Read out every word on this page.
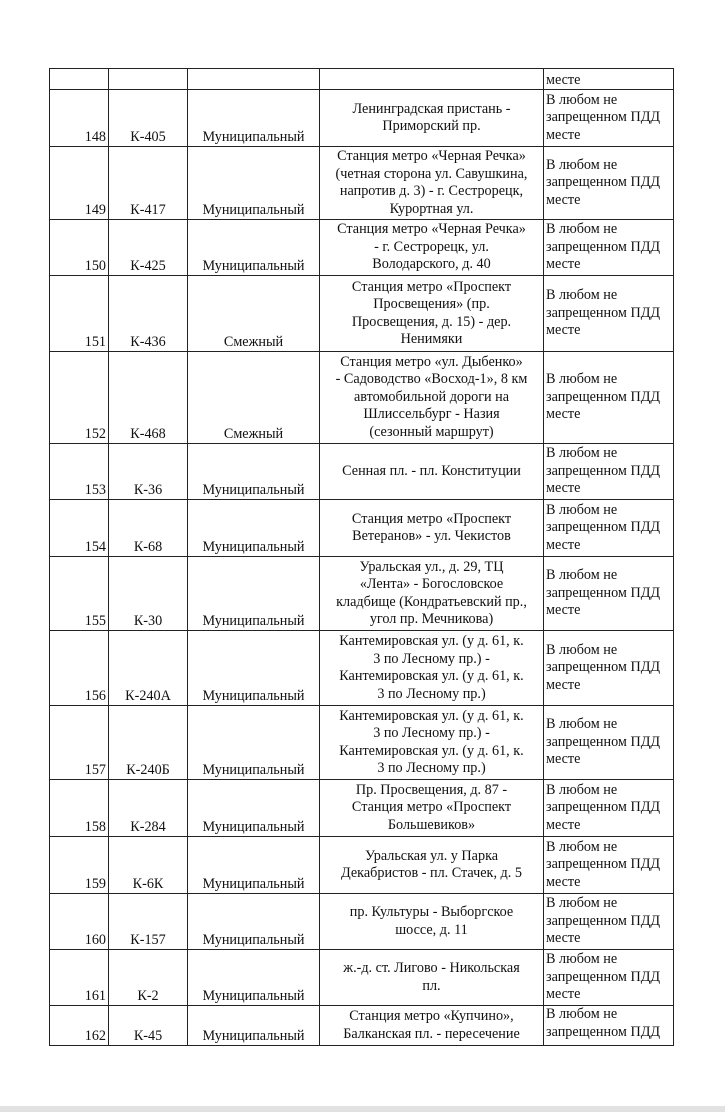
				месте

148	К-405	Муниципальный	Ленинградская пристань -
Приморский пр.	В любом не
запрещенном ПДД
месте

149	К-417	Муниципальный	Станция метро «Черная Речка»
(четная сторона ул. Савушкина,
напротив д. 3) - г. Сестрорецк,
Курортная ул.	В любом не
запрещенном ПДД
месте

150	К-425	Муниципальный	Станция метро «Черная Речка»
- г. Сестрорецк, ул.
Володарского, д. 40	В любом не
запрещенном ПДД
месте

151	К-436	Смежный	Станция метро «Проспект
Просвещения» (пр.
Просвещения, д. 15) - дер.
Ненимяки	В любом не
запрещенном ПДД
месте

152	К-468	Смежный	Станция метро «ул. Дыбенко»
- Садоводство «Восход-1», 8 км
автомобильной дороги на
Шлиссельбург - Назия
(сезонный маршрут)	В любом не
запрещенном ПДД
месте

153	К-36	Муниципальный	Сенная пл. - пл. Конституции	В любом не
запрещенном ПДД
месте

154	К-68	Муниципальный	Станция метро «Проспект
Ветеранов» - ул. Чекистов	В любом не
запрещенном ПДД
месте

155	К-30	Муниципальный	Уральская ул., д. 29, ТЦ
«Лента» - Богословское
кладбище (Кондратьевский пр.,
угол пр. Мечникова)	В любом не
запрещенном ПДД
месте

156	К-240А	Муниципальный	Кантемировская ул. (у д. 61, к.
3 по Лесному пр.) -
Кантемировская ул. (у д. 61, к.
3 по Лесному пр.)	В любом не
запрещенном ПДД
месте

157	К-240Б	Муниципальный	Кантемировская ул. (у д. 61, к.
3 по Лесному пр.) -
Кантемировская ул. (у д. 61, к.
3 по Лесному пр.)	В любом не
запрещенном ПДД
месте

158	К-284	Муниципальный	Пр. Просвещения, д. 87 -
Станция метро «Проспект
Большевиков»	В любом не
запрещенном ПДД
месте

159	К-6К	Муниципальный	Уральская ул. у Парка
Декабристов - пл. Стачек, д. 5	В любом не
запрещенном ПДД
месте

160	К-157	Муниципальный	пр. Культуры - Выборгское
шоссе, д. 11	В любом не
запрещенном ПДД
месте

161	К-2	Муниципальный	ж.-д. ст. Лигово - Никольская
пл.	В любом не
запрещенном ПДД
месте

162	К-45	Муниципальный	Станция метро «Купчино»,
Балканская пл. - пересечение	В любом не
запрещенном ПДД
